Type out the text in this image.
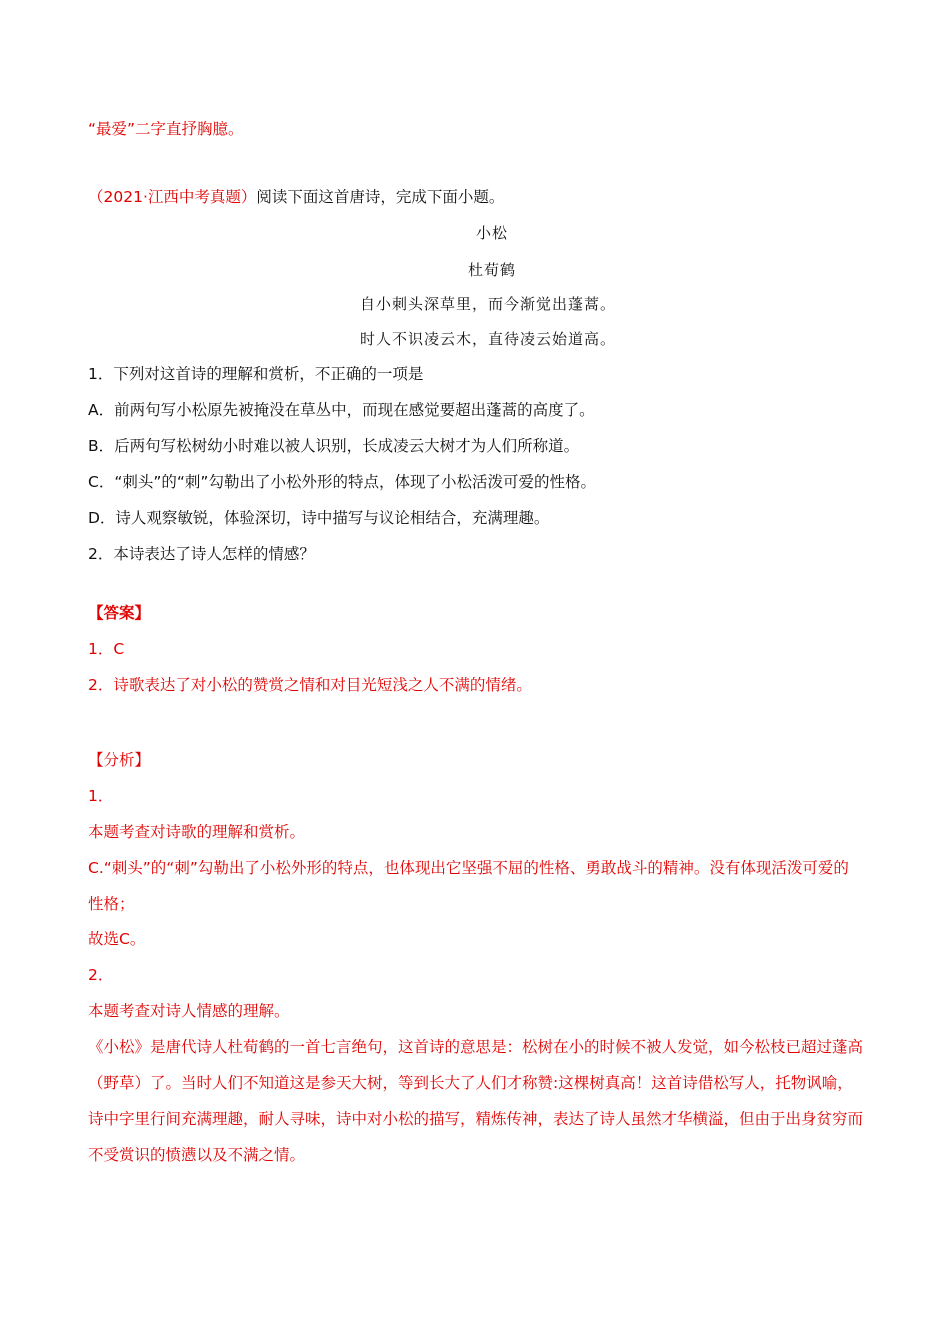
“最爱”二字直抒胸臆。
（2021·江西中考真题）阅读下面这首唐诗，完成下面小题。
小松
杜荀鹤
自小刺头深草里，而今渐觉出蓬蒿。
时人不识凌云木，直待凌云始道高。
1．下列对这首诗的理解和赏析，不正确的一项是
A．前两句写小松原先被掩没在草丛中，而现在感觉要超出蓬蒿的高度了。
B．后两句写松树幼小时难以被人识别，长成凌云大树才为人们所称道。
C．“刺头”的“刺”勾勒出了小松外形的特点，体现了小松活泼可爱的性格。
D．诗人观察敏锐，体验深切，诗中描写与议论相结合，充满理趣。
2．本诗表达了诗人怎样的情感？
【答案】
1．C
2．诗歌表达了对小松的赞赏之情和对目光短浅之人不满的情绪。
【分析】
1．
本题考查对诗歌的理解和赏析。
C.“刺头”的“刺”勾勒出了小松外形的特点，也体现出它坚强不屈的性格、勇敢战斗的精神。没有体现活泼可爱的性格；
故选C。
2．
本题考查对诗人情感的理解。
《小松》是唐代诗人杜荀鹤的一首七言绝句，这首诗的意思是：松树在小的时候不被人发觉，如今松枝已超过蓬高（野草）了。当时人们不知道这是参天大树，等到长大了人们才称赞:这棵树真高！这首诗借松写人，托物讽喻，诗中字里行间充满理趣，耐人寻味，诗中对小松的描写，精炼传神，表达了诗人虽然才华横溢，但由于出身贫穷而不受赏识的愤懑以及不满之情。
